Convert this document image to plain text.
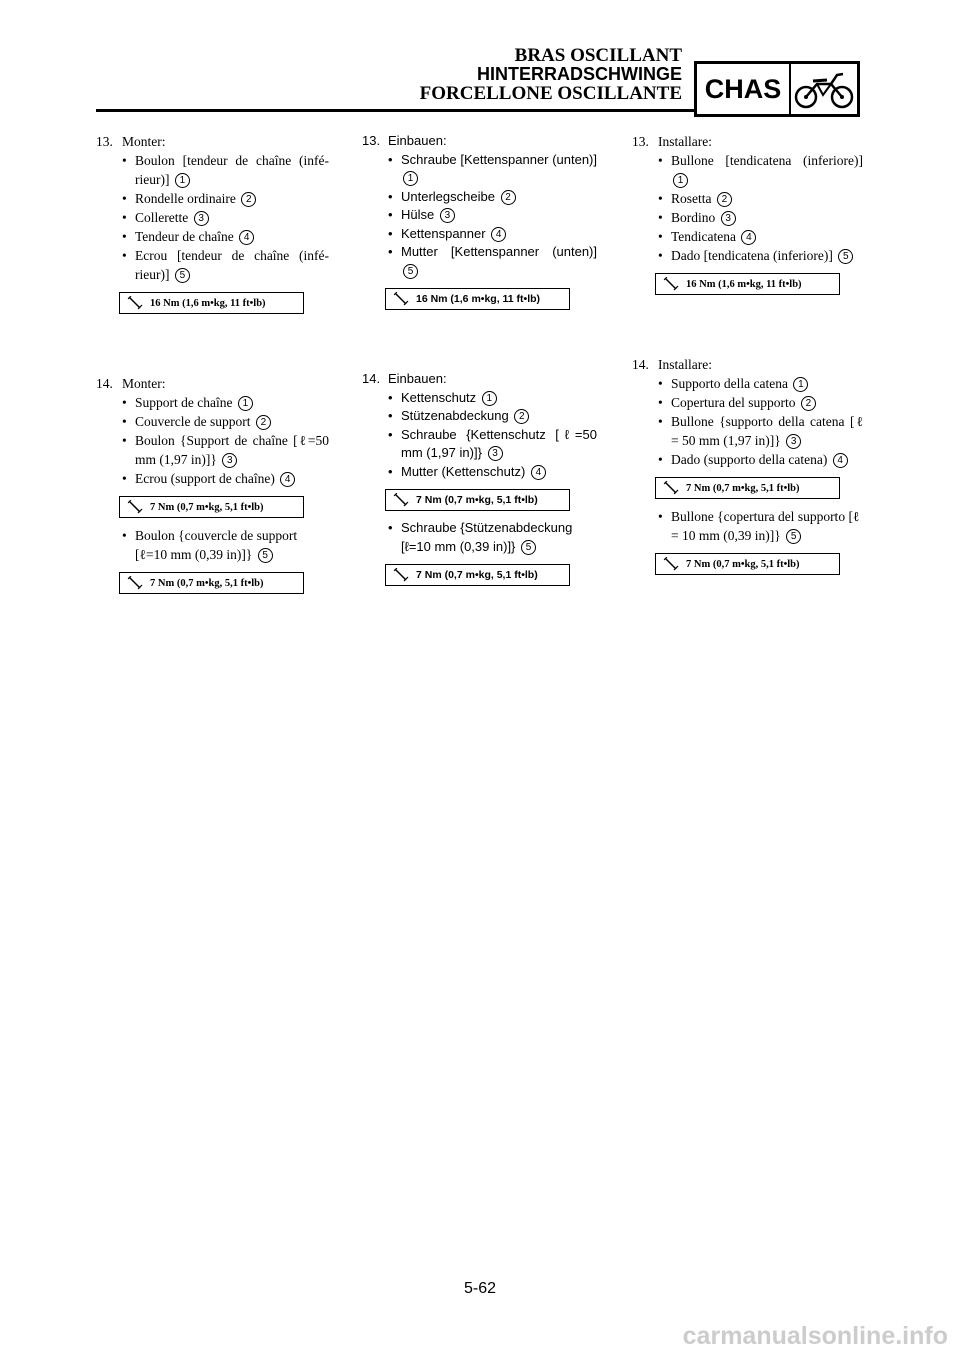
BRAS OSCILLANT
HINTERRADSCHWINGE
FORCELLONE OSCILLANTE CHAS
13. Monter:
• Boulon [tendeur de chaîne (infé-rieur)] 1
• Rondelle ordinaire 2
• Collerette 3
• Tendeur de chaîne 4
• Ecrou [tendeur de chaîne (infé-rieur)] 5
16 Nm (1,6 m•kg, 11 ft•lb)
14. Monter:
• Support de chaîne 1
• Couvercle de support 2
• Boulon {Support de chaîne [ℓ=50 mm (1,97 in)]} 3
• Ecrou (support de chaîne) 4
7 Nm (0,7 m•kg, 5,1 ft•lb)
• Boulon {couvercle de support [ℓ=10 mm (0,39 in)]} 5
7 Nm (0,7 m•kg, 5,1 ft•lb)
13. Einbauen:
• Schraube [Kettenspanner (unten)] 1
• Unterlegscheibe 2
• Hülse 3
• Kettenspanner 4
• Mutter [Kettenspanner (unten)] 5
16 Nm (1,6 m•kg, 11 ft•lb)
14. Einbauen:
• Kettenschutz 1
• Stützenabdeckung 2
• Schraube {Kettenschutz [ℓ=50 mm (1,97 in)]} 3
• Mutter (Kettenschutz) 4
7 Nm (0,7 m•kg, 5,1 ft•lb)
• Schraube {Stützenabdeckung [ℓ=10 mm (0,39 in)]} 5
7 Nm (0,7 m•kg, 5,1 ft•lb)
13. Installare:
• Bullone [tendicatena (inferiore)] 1
• Rosetta 2
• Bordino 3
• Tendicatena 4
• Dado [tendicatena (inferiore)] 5
16 Nm (1,6 m•kg, 11 ft•lb)
14. Installare:
• Supporto della catena 1
• Copertura del supporto 2
• Bullone {supporto della catena [ℓ = 50 mm (1,97 in)]} 3
• Dado (supporto della catena) 4
7 Nm (0,7 m•kg, 5,1 ft•lb)
• Bullone {copertura del supporto [ℓ = 10 mm (0,39 in)]} 5
7 Nm (0,7 m•kg, 5,1 ft•lb)
5-62
carmanualsonline.info
